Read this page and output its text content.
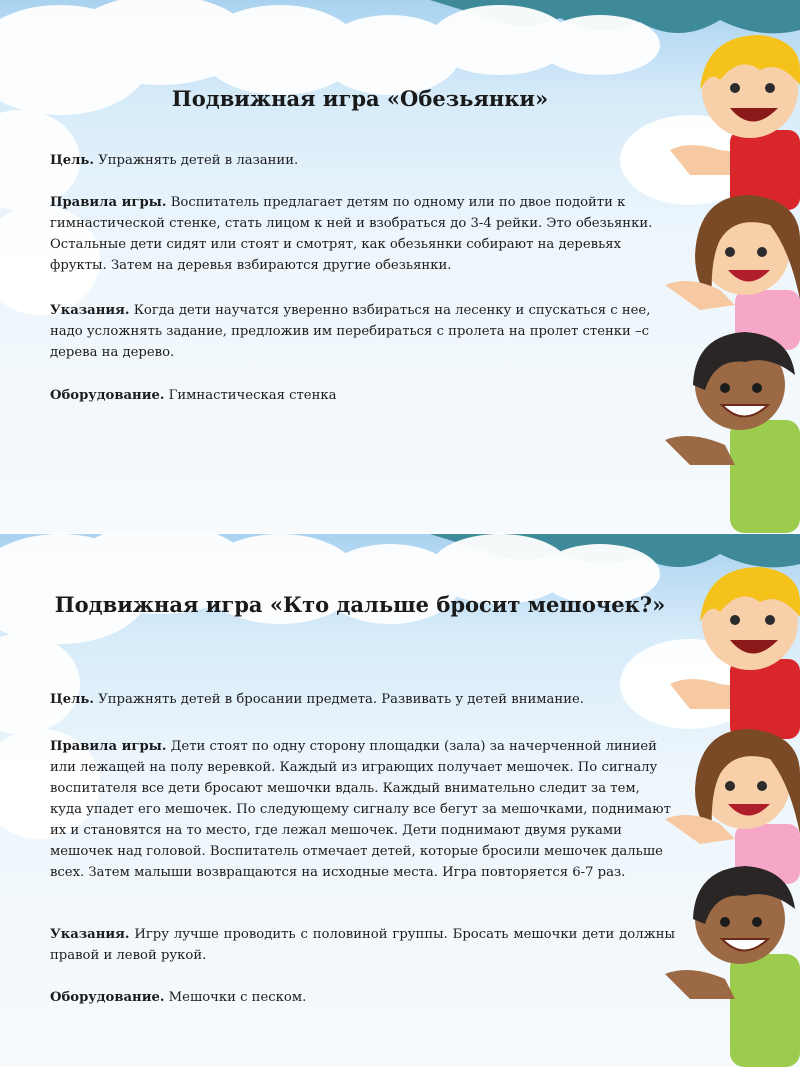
Подвижная игра «Обезьянки»
Цель. Упражнять детей в лазании.
Правила игры. Воспитатель предлагает детям по одному или по двое подойти к гимнастической стенке, стать лицом к ней и взобраться до 3-4 рейки. Это обезьянки. Остальные дети сидят или стоят и смотрят, как обезьянки собирают на деревьях фрукты. Затем на деревья взбираются другие обезьянки.
Указания. Когда дети научатся уверенно взбираться на лесенку и спускаться с нее, надо усложнять задание, предложив им перебираться с пролета на пролет стенки –с дерева на дерево.
Оборудование. Гимнастическая стенка
Подвижная игра «Кто дальше бросит мешочек?»
Цель. Упражнять детей в бросании предмета. Развивать у детей внимание.
Правила игры. Дети стоят по одну сторону площадки (зала) за начерченной линией или лежащей на полу веревкой. Каждый из играющих получает мешочек. По сигналу воспитателя все дети бросают мешочки вдаль. Каждый внимательно следит за тем, куда упадет его мешочек. По следующему сигналу все бегут за мешочками, поднимают их и становятся на то место, где лежал мешочек. Дети поднимают двумя руками мешочек над головой. Воспитатель отмечает детей, которые бросили мешочек дальше всех. Затем малыши возвращаются на исходные места. Игра повторяется 6-7 раз.
Указания. Игру лучше проводить с половиной группы. Бросать мешочки дети должны правой и левой рукой.
Оборудование. Мешочки с песком.
